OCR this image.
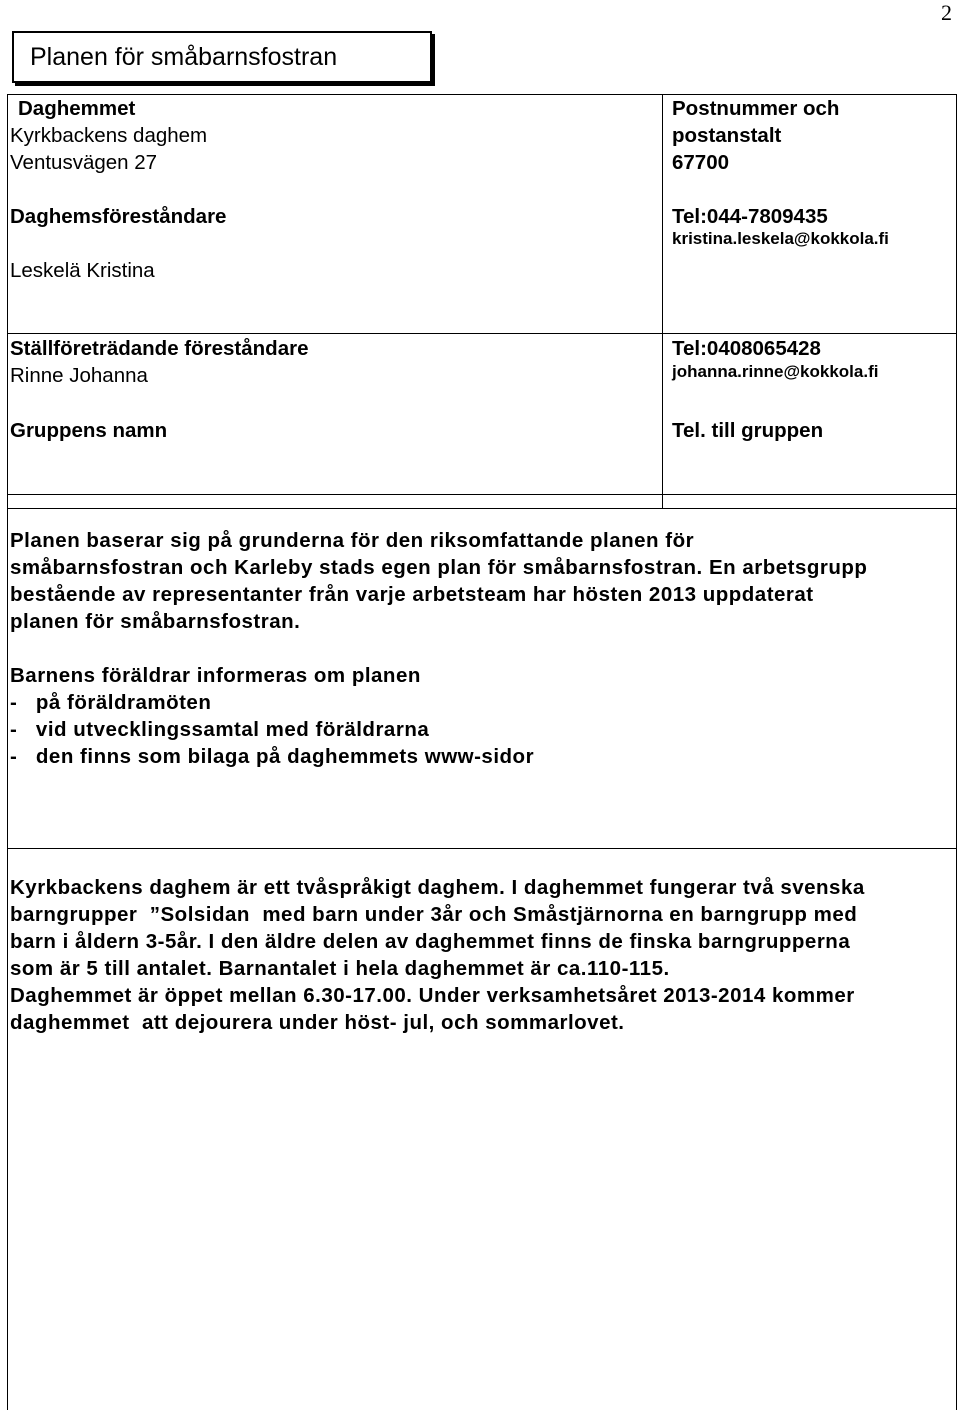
2
Planen för småbarnsfostran
Daghemmet
Kyrkbackens daghem
Ventusvägen 27
Daghemsföreståndare
Leskelä Kristina
Ställföreträdande föreståndare
Rinne Johanna
Gruppens namn
Postnummer och
postanstalt
67700
Tel:044-7809435
kristina.leskela@kokkola.fi
Tel:0408065428
johanna.rinne@kokkola.fi
Tel. till gruppen
Planen baserar sig på grunderna för den riksomfattande planen för
småbarnsfostran och Karleby stads egen plan för småbarnsfostran. En arbetsgrupp
bestående av representanter från varje arbetsteam har hösten 2013 uppdaterat
planen för småbarnsfostran.
Barnens föräldrar informeras om planen
-   på föräldramöten
-   vid utvecklingssamtal med föräldrarna
-   den finns som bilaga på daghemmets www-sidor
Kyrkbackens daghem är ett tvåspråkigt daghem. I daghemmet fungerar två svenska
barngrupper  ”Solsidan  med barn under 3år och Småstjärnorna en barngrupp med
barn i åldern 3-5år. I den äldre delen av daghemmet finns de finska barngrupperna
som är 5 till antalet. Barnantalet i hela daghemmet är ca.110-115.
Daghemmet är öppet mellan 6.30-17.00. Under verksamhetsåret 2013-2014 kommer
daghemmet  att dejourera under höst- jul, och sommarlovet.
